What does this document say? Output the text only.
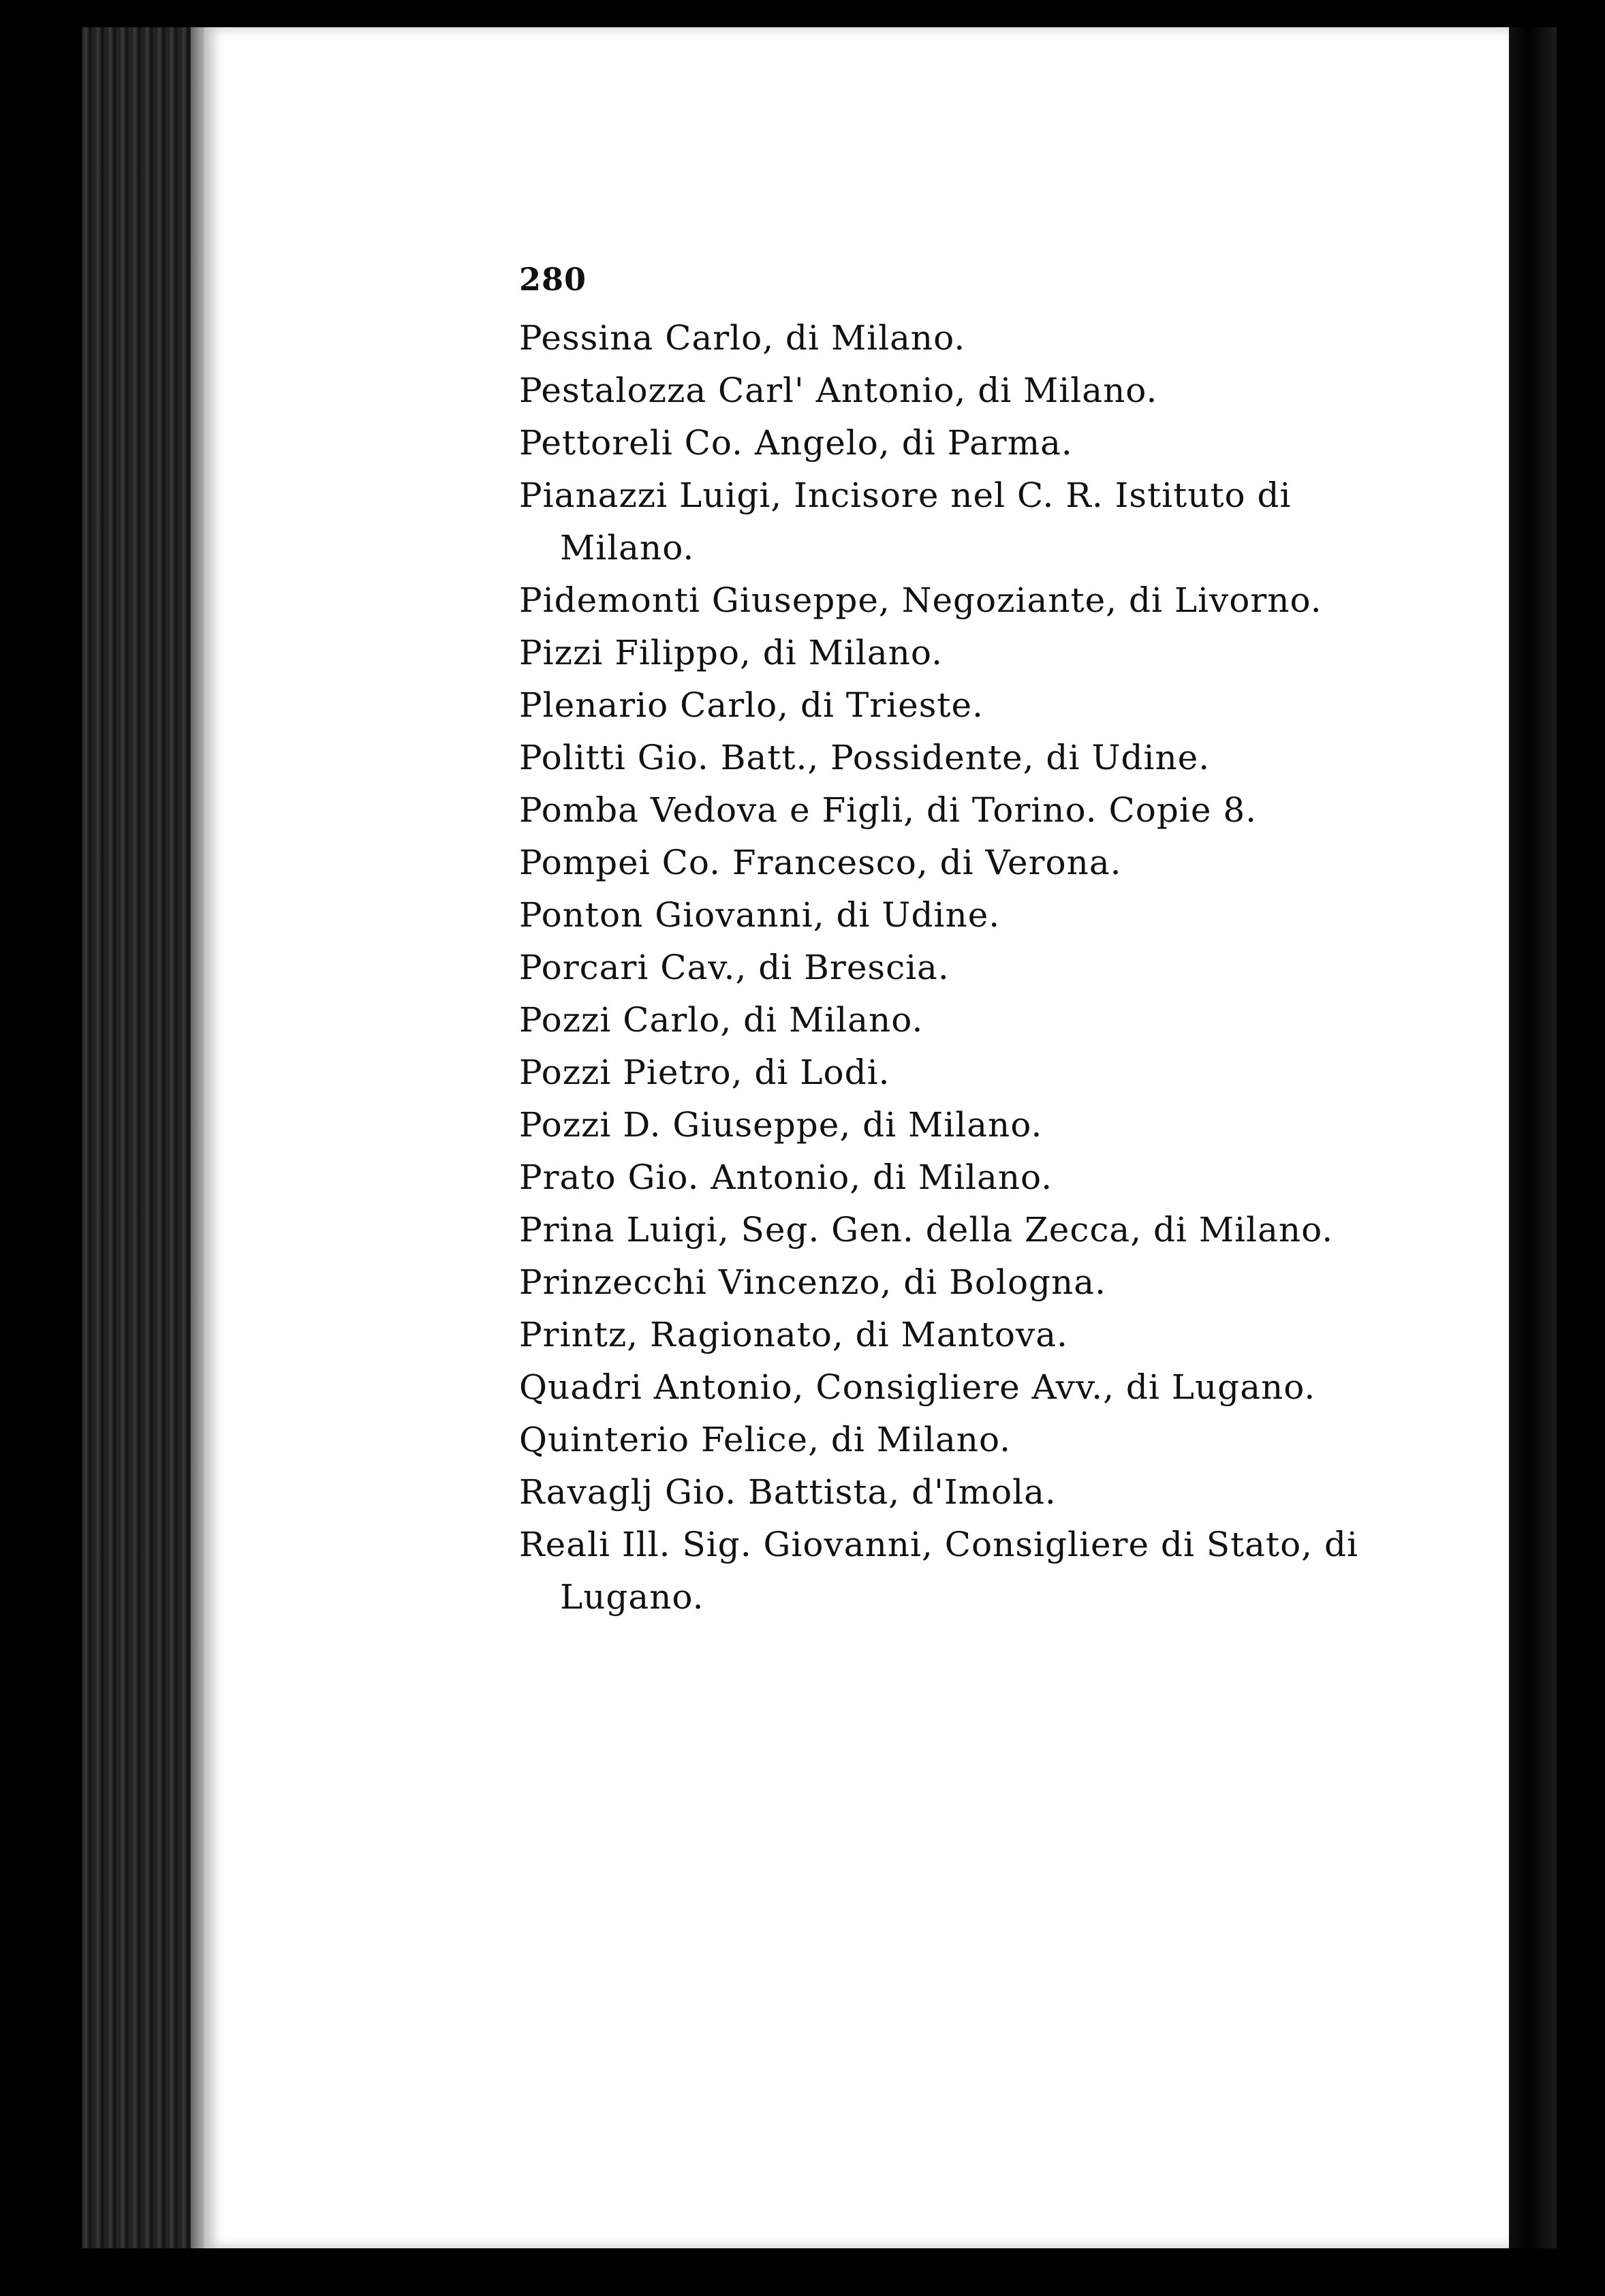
280

Pessina Carlo, di Milano.

Pestalozza Carl' Antonio, di Milano.

Pettoreli Co. Angelo, di Parma.

Pianazzi Luigi, Incisore nel C. R. Istituto di Milano.

Pidemonti Giuseppe, Negoziante, di Livorno.

Pizzi Filippo, di Milano.

Plenario Carlo, di Trieste.

Politti Gio. Batt., Possidente, di Udine.

Pomba Vedova e Figli, di Torino. Copie 8.

Pompei Co. Francesco, di Verona.

Ponton Giovanni, di Udine.

Porcari Cav., di Brescia.

Pozzi Carlo, di Milano.

Pozzi Pietro, di Lodi.

Pozzi D. Giuseppe, di Milano.

Prato Gio. Antonio, di Milano.

Prina Luigi, Seg. Gen. della Zecca, di Milano.

Prinzecchi Vincenzo, di Bologna.

Printz, Ragionato, di Mantova.

Quadri Antonio, Consigliere Avv., di Lugano.

Quinterio Felice, di Milano.

Ravaglj Gio. Battista, d'Imola.

Reali Ill. Sig. Giovanni, Consigliere di Stato, di Lugano.
